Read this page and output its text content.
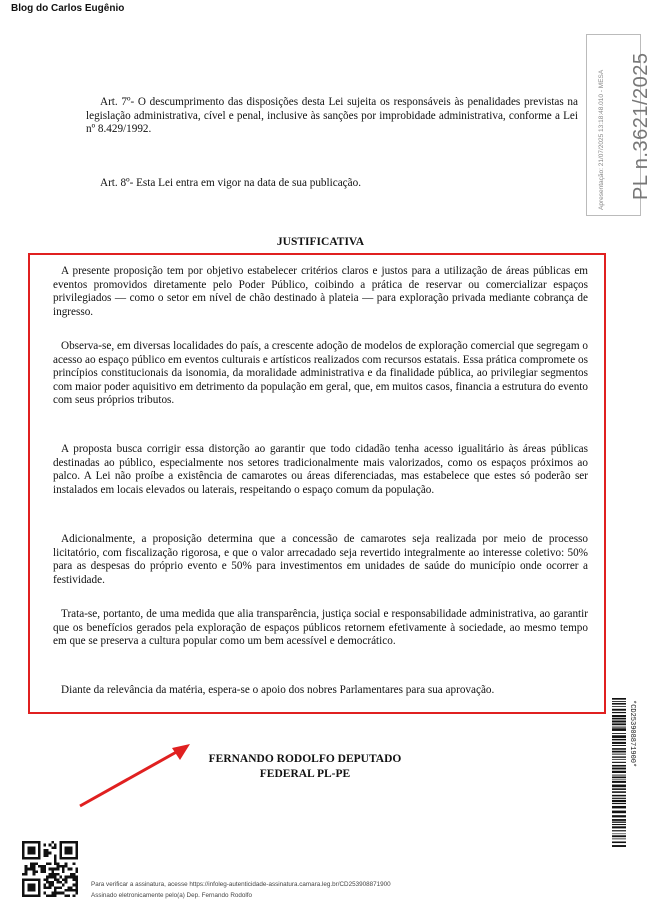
Blog do Carlos Eugênio
PL n.3621/2025
Apresentação: 21/07/2025 13:18:48.010 - MESA

Art. 7º- O descumprimento das disposições desta Lei sujeita os responsáveis às penalidades previstas na legislação administrativa, cível e penal, inclusive às sanções por improbidade administrativa, conforme a Lei nº 8.429/1992.

Art. 8º- Esta Lei entra em vigor na data de sua publicação.

JUSTIFICATIVA

A presente proposição tem por objetivo estabelecer critérios claros e justos para a utilização de áreas públicas em eventos promovidos diretamente pelo Poder Público, coibindo a prática de reservar ou comercializar espaços privilegiados — como o setor em nível de chão destinado à plateia — para exploração privada mediante cobrança de ingresso.

Observa-se, em diversas localidades do país, a crescente adoção de modelos de exploração comercial que segregam o acesso ao espaço público em eventos culturais e artísticos realizados com recursos estatais. Essa prática compromete os princípios constitucionais da isonomia, da moralidade administrativa e da finalidade pública, ao privilegiar segmentos com maior poder aquisitivo em detrimento da população em geral, que, em muitos casos, financia a estrutura do evento com seus próprios tributos.

A proposta busca corrigir essa distorção ao garantir que todo cidadão tenha acesso igualitário às áreas públicas destinadas ao público, especialmente nos setores tradicionalmente mais valorizados, como os espaços próximos ao palco. A Lei não proíbe a existência de camarotes ou áreas diferenciadas, mas estabelece que estes só poderão ser instalados em locais elevados ou laterais, respeitando o espaço comum da população.

Adicionalmente, a proposição determina que a concessão de camarotes seja realizada por meio de processo licitatório, com fiscalização rigorosa, e que o valor arrecadado seja revertido integralmente ao interesse coletivo: 50% para as despesas do próprio evento e 50% para investimentos em unidades de saúde do município onde ocorrer a festividade.

Trata-se, portanto, de uma medida que alia transparência, justiça social e responsabilidade administrativa, ao garantir que os benefícios gerados pela exploração de espaços públicos retornem efetivamente à sociedade, ao mesmo tempo em que se preserva a cultura popular como um bem acessível e democrático.

Diante da relevância da matéria, espera-se o apoio dos nobres Parlamentares para sua aprovação.

FERNANDO RODOLFO DEPUTADO
FEDERAL PL-PE
*CD253908871900*
Para verificar a assinatura, acesse https://infoleg-autenticidade-assinatura.camara.leg.br/CD253908871900
Assinado eletronicamente pelo(a) Dep. Fernando Rodolfo
